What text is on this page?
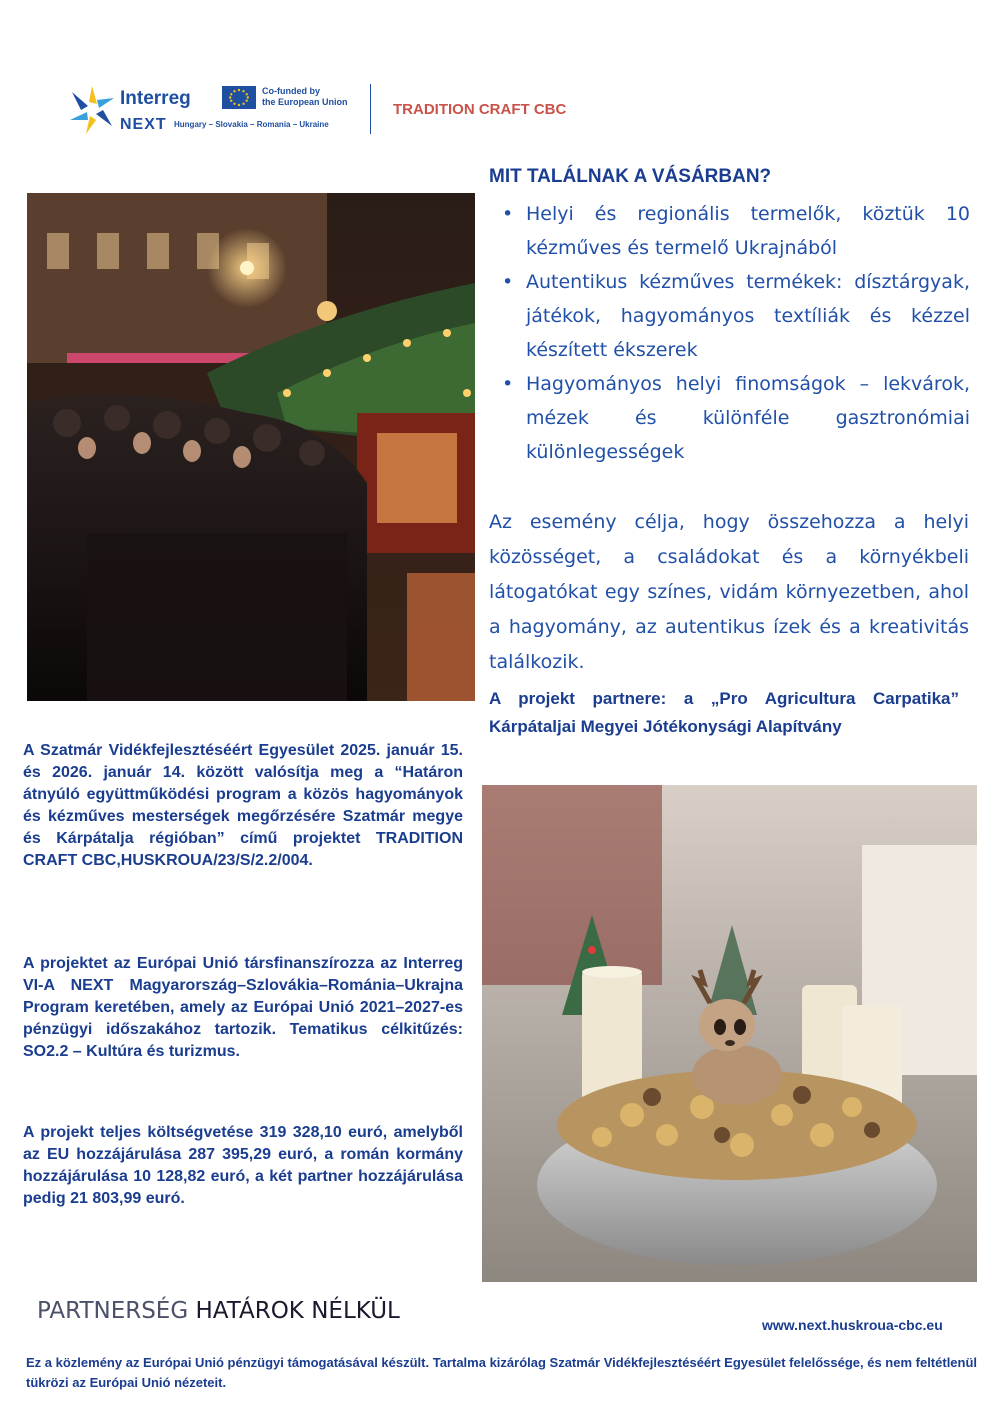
Interreg
NEXT Hungary – Slovakia – Romania – Ukraine
Co-funded by
the European Union	TRADITION CRAFT CBC
MIT TALÁLNAK A VÁSÁRBAN?
• Helyi és regionális termelők, köztük 10 kézműves és termelő Ukrajnából
• Autentikus kézműves termékek: dísztárgyak, játékok, hagyományos textíliák és kézzel készített ékszerek
• Hagyományos helyi finomságok – lekvárok, mézek és különféle gasztronómiai különlegességek
Az esemény célja, hogy összehozza a helyi közösséget, a családokat és a környékbeli látogatókat egy színes, vidám környezetben, ahol a hagyomány, az autentikus ízek és a kreativitás találkozik.
A projekt partnere: a „Pro Agricultura Carpatika” Kárpátaljai Megyei Jótékonysági Alapítvány
A Szatmár Vidékfejlesztéséért Egyesület 2025. január 15. és 2026. január 14. között valósítja meg a “Határon átnyúló együttműködési program a közös hagyományok és kézműves mesterségek megőrzésére Szatmár megye és Kárpátalja régióban” című projektet TRADITION CRAFT CBC,HUSKROUA/23/S/2.2/004.
A projektet az Európai Unió társfinanszírozza az Interreg VI-A NEXT Magyarország–Szlovákia–Románia–Ukrajna Program keretében, amely az Európai Unió 2021–2027-es pénzügyi időszakához tartozik. Tematikus célkitűzés: SO2.2 – Kultúra és turizmus.
A projekt teljes költségvetése 319 328,10 euró, amelyből az EU hozzájárulása 287 395,29 euró, a román kormány hozzájárulása 10 128,82 euró, a két partner hozzájárulása pedig 21 803,99 euró.
PARTNERSÉG HATÁROK NÉLKÜL
www.next.huskroua-cbc.eu
Ez a közlemény az Európai Unió pénzügyi támogatásával készült. Tartalma kizárólag Szatmár Vidékfejlesztéséért Egyesület felelőssége, és nem feltétlenül tükrözi az Európai Unió nézeteit.
